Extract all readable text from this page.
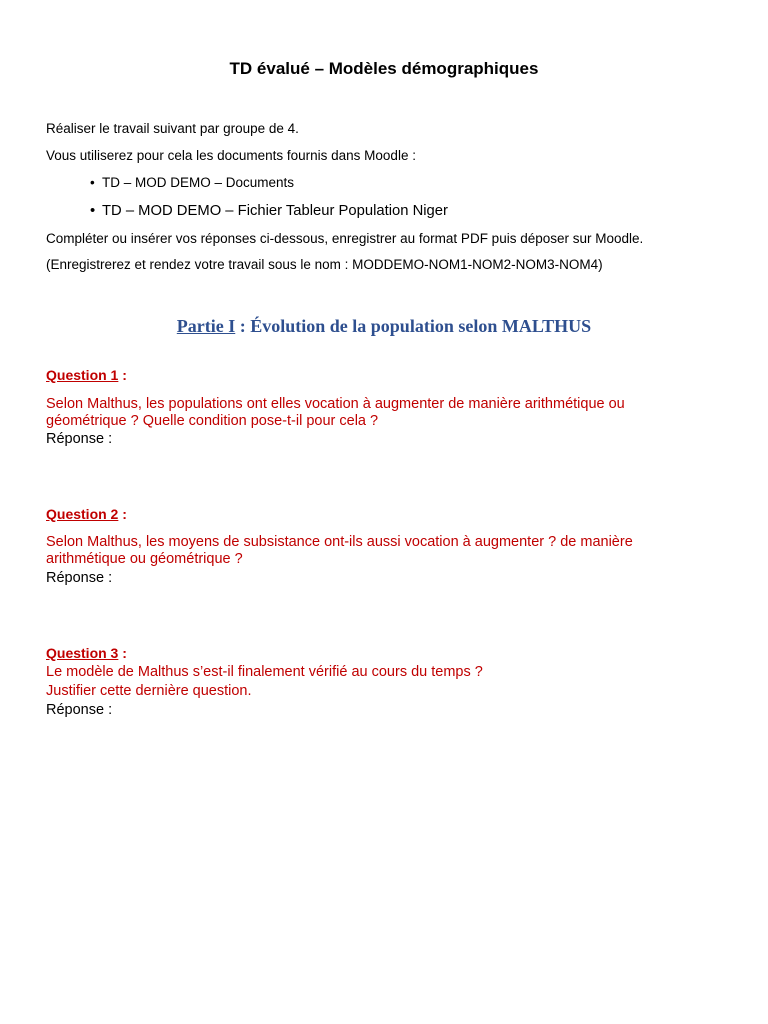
TD évalué – Modèles démographiques
Réaliser le travail suivant par groupe de 4.
Vous utiliserez pour cela les documents fournis dans Moodle :
• TD – MOD DEMO – Documents
• TD – MOD DEMO – Fichier Tableur Population Niger
Compléter ou insérer vos réponses ci-dessous, enregistrer au format PDF puis déposer sur Moodle.
(Enregistrerez et rendez votre travail sous le nom : MODDEMO-NOM1-NOM2-NOM3-NOM4)
Partie I : Évolution de la population selon MALTHUS
Question 1 :
Selon Malthus, les populations ont elles vocation à augmenter de manière arithmétique ou géométrique ? Quelle condition pose-t-il pour cela ?
Réponse :
Question 2 :
Selon Malthus, les moyens de subsistance ont-ils aussi vocation à augmenter ? de manière arithmétique ou géométrique ?
Réponse :
Question 3 :
Le modèle de Malthus s’est-il finalement vérifié au cours du temps ?
Justifier cette dernière question.
Réponse :
